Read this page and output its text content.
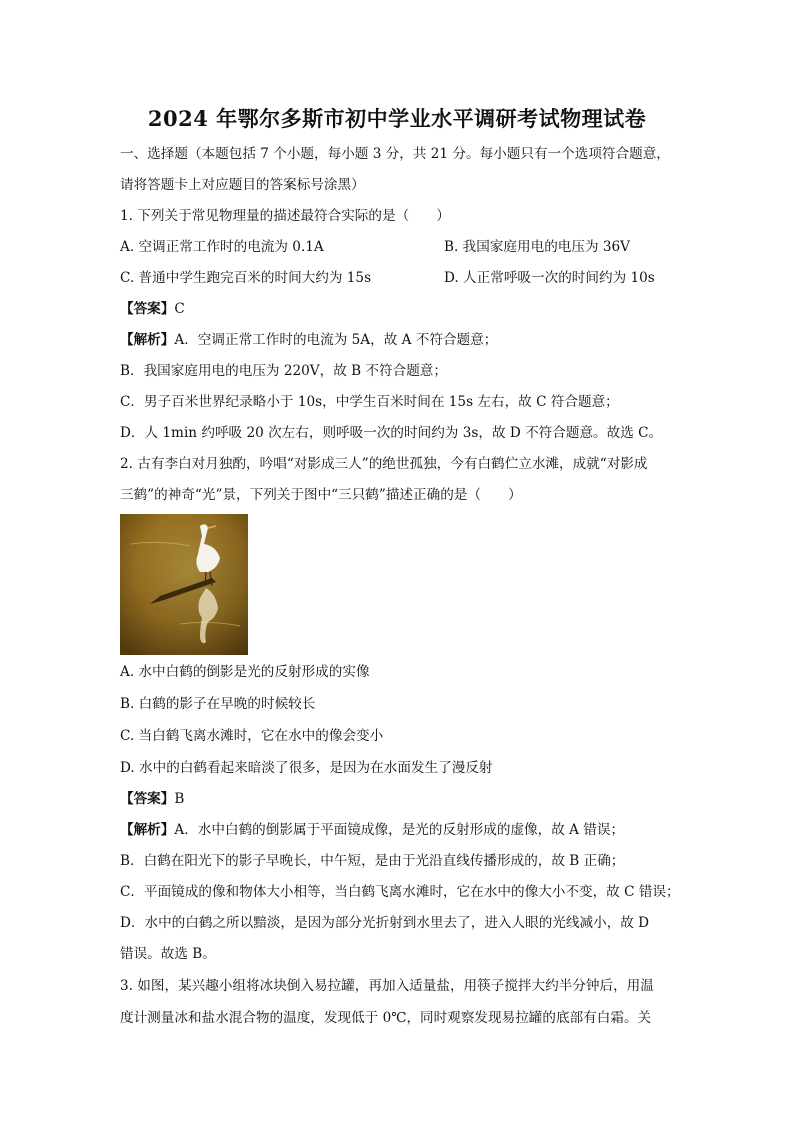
2024 年鄂尔多斯市初中学业水平调研考试物理试卷
一、选择题（本题包括 7 个小题，每小题 3 分，共 21 分。每小题只有一个选项符合题意，
请将答题卡上对应题目的答案标号涂黑）
1. 下列关于常见物理量的描述最符合实际的是（　　）
A. 空调正常工作时的电流为 0.1A	B. 我国家庭用电的电压为 36V
C. 普通中学生跑完百米的时间大约为 15s	D. 人正常呼吸一次的时间约为 10s
【答案】C
【解析】A．空调正常工作时的电流为 5A，故 A 不符合题意；
B．我国家庭用电的电压为 220V，故 B 不符合题意；
C．男子百米世界纪录略小于 10s，中学生百米时间在 15s 左右，故 C 符合题意；
D．人 1min 约呼吸 20 次左右，则呼吸一次的时间约为 3s，故 D 不符合题意。故选 C。
2. 古有李白对月独酌，吟唱“对影成三人”的绝世孤独，今有白鹤伫立水滩，成就“对影成
三鹤”的神奇“光”景，下列关于图中“三只鹤”描述正确的是（　　）
A. 水中白鹤的倒影是光的反射形成的实像
B. 白鹤的影子在早晚的时候较长
C. 当白鹤飞离水滩时，它在水中的像会变小
D. 水中的白鹤看起来暗淡了很多，是因为在水面发生了漫反射
【答案】B
【解析】A．水中白鹤的倒影属于平面镜成像，是光的反射形成的虚像，故 A 错误；
B．白鹤在阳光下的影子早晚长，中午短，是由于光沿直线传播形成的，故 B 正确；
C．平面镜成的像和物体大小相等，当白鹤飞离水滩时，它在水中的像大小不变，故 C 错误；
D．水中的白鹤之所以黯淡，是因为部分光折射到水里去了，进入人眼的光线减小，故 D
错误。故选 B。
3. 如图，某兴趣小组将冰块倒入易拉罐，再加入适量盐，用筷子搅拌大约半分钟后，用温
度计测量冰和盐水混合物的温度，发现低于 0℃，同时观察发现易拉罐的底部有白霜。关
